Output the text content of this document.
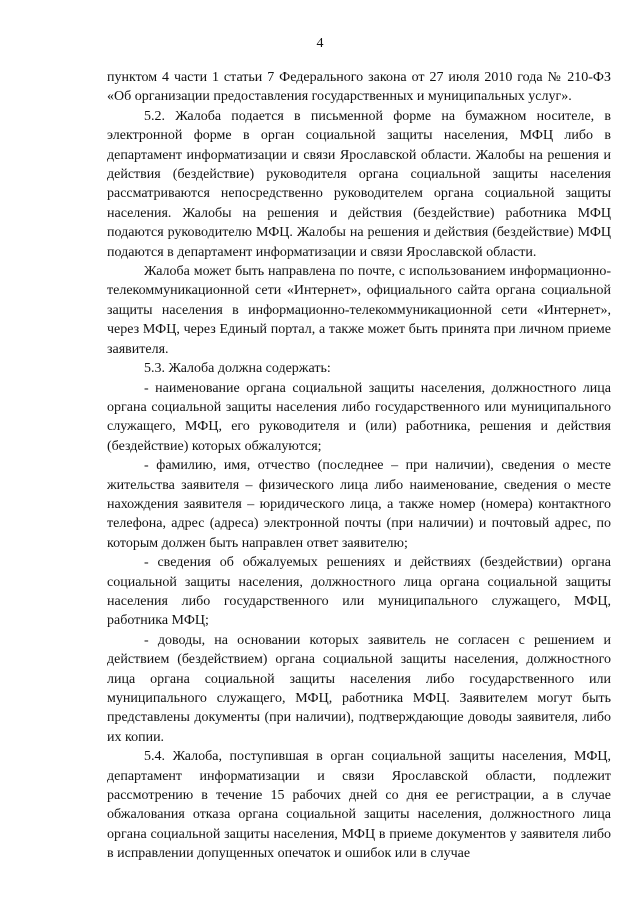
4

пунктом 4 части 1 статьи 7 Федерального закона от 27 июля 2010 года № 210-ФЗ «Об организации предоставления государственных и муниципальных услуг».

5.2. Жалоба подается в письменной форме на бумажном носителе, в электронной форме в орган социальной защиты населения, МФЦ либо в департамент информатизации и связи Ярославской области. Жалобы на решения и действия (бездействие) руководителя органа социальной защиты населения рассматриваются непосредственно руководителем органа социальной защиты населения. Жалобы на решения и действия (бездействие) работника МФЦ подаются руководителю МФЦ. Жалобы на решения и действия (бездействие) МФЦ подаются в департамент информатизации и связи Ярославской области.

Жалоба может быть направлена по почте, с использованием информационно-телекоммуникационной сети «Интернет», официального сайта органа социальной защиты населения в информационно-телекоммуникационной сети «Интернет», через МФЦ, через Единый портал, а также может быть принята при личном приеме заявителя.

5.3. Жалоба должна содержать:

- наименование органа социальной защиты населения, должностного лица органа социальной защиты населения либо государственного или муниципального служащего, МФЦ, его руководителя и (или) работника, решения и действия (бездействие) которых обжалуются;

- фамилию, имя, отчество (последнее – при наличии), сведения о месте жительства заявителя – физического лица либо наименование, сведения о месте нахождения заявителя – юридического лица, а также номер (номера) контактного телефона, адрес (адреса) электронной почты (при наличии) и почтовый адрес, по которым должен быть направлен ответ заявителю;

- сведения об обжалуемых решениях и действиях (бездействии) органа социальной защиты населения, должностного лица органа социальной защиты населения либо государственного или муниципального служащего, МФЦ, работника МФЦ;

- доводы, на основании которых заявитель не согласен с решением и действием (бездействием) органа социальной защиты населения, должностного лица органа социальной защиты населения либо государственного или муниципального служащего, МФЦ, работника МФЦ. Заявителем могут быть представлены документы (при наличии), подтверждающие доводы заявителя, либо их копии.

5.4. Жалоба, поступившая в орган социальной защиты населения, МФЦ, департамент информатизации и связи Ярославской области, подлежит рассмотрению в течение 15 рабочих дней со дня ее регистрации, а в случае обжалования отказа органа социальной защиты населения, должностного лица органа социальной защиты населения, МФЦ в приеме документов у заявителя либо в исправлении допущенных опечаток и ошибок или в случае
